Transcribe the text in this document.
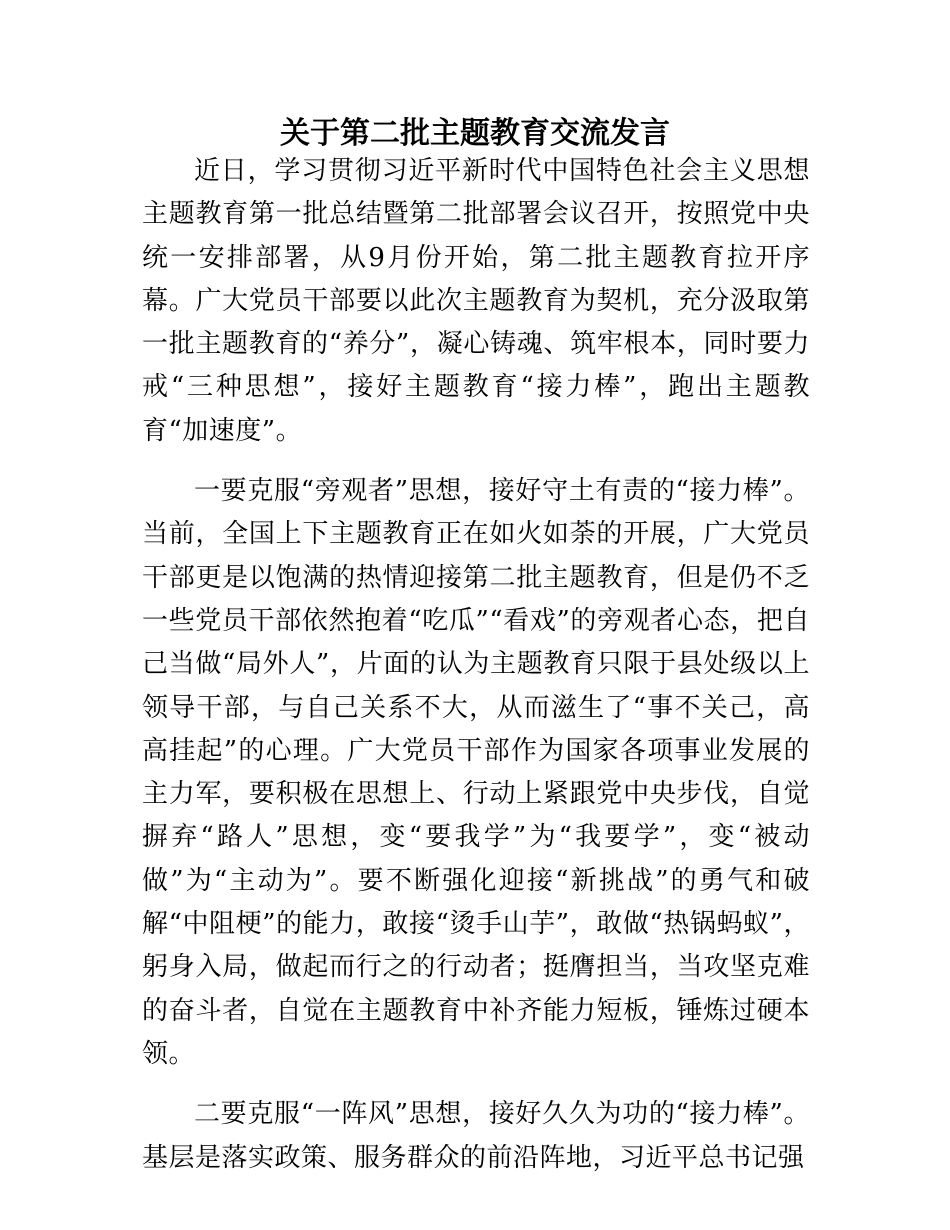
关于第二批主题教育交流发言

近日，学习贯彻习近平新时代中国特色社会主义思想主题教育第一批总结暨第二批部署会议召开，按照党中央统一安排部署，从9月份开始，第二批主题教育拉开序幕。广大党员干部要以此次主题教育为契机，充分汲取第一批主题教育的“养分”，凝心铸魂、筑牢根本，同时要力戒“三种思想”，接好主题教育“接力棒”，跑出主题教育“加速度”。

一要克服“旁观者”思想，接好守土有责的“接力棒”。当前，全国上下主题教育正在如火如荼的开展，广大党员干部更是以饱满的热情迎接第二批主题教育，但是仍不乏一些党员干部依然抱着“吃瓜”“看戏”的旁观者心态，把自己当做“局外人”，片面的认为主题教育只限于县处级以上领导干部，与自己关系不大，从而滋生了“事不关己，高高挂起”的心理。广大党员干部作为国家各项事业发展的主力军，要积极在思想上、行动上紧跟党中央步伐，自觉摒弃“路人”思想，变“要我学”为“我要学”，变“被动做”为“主动为”。要不断强化迎接“新挑战”的勇气和破解“中阻梗”的能力，敢接“烫手山芋”，敢做“热锅蚂蚁”，躬身入局，做起而行之的行动者；挺膺担当，当攻坚克难的奋斗者，自觉在主题教育中补齐能力短板，锤炼过硬本领。

二要克服“一阵风”思想，接好久久为功的“接力棒”。基层是落实政策、服务群众的前沿阵地，习近平总书记强
